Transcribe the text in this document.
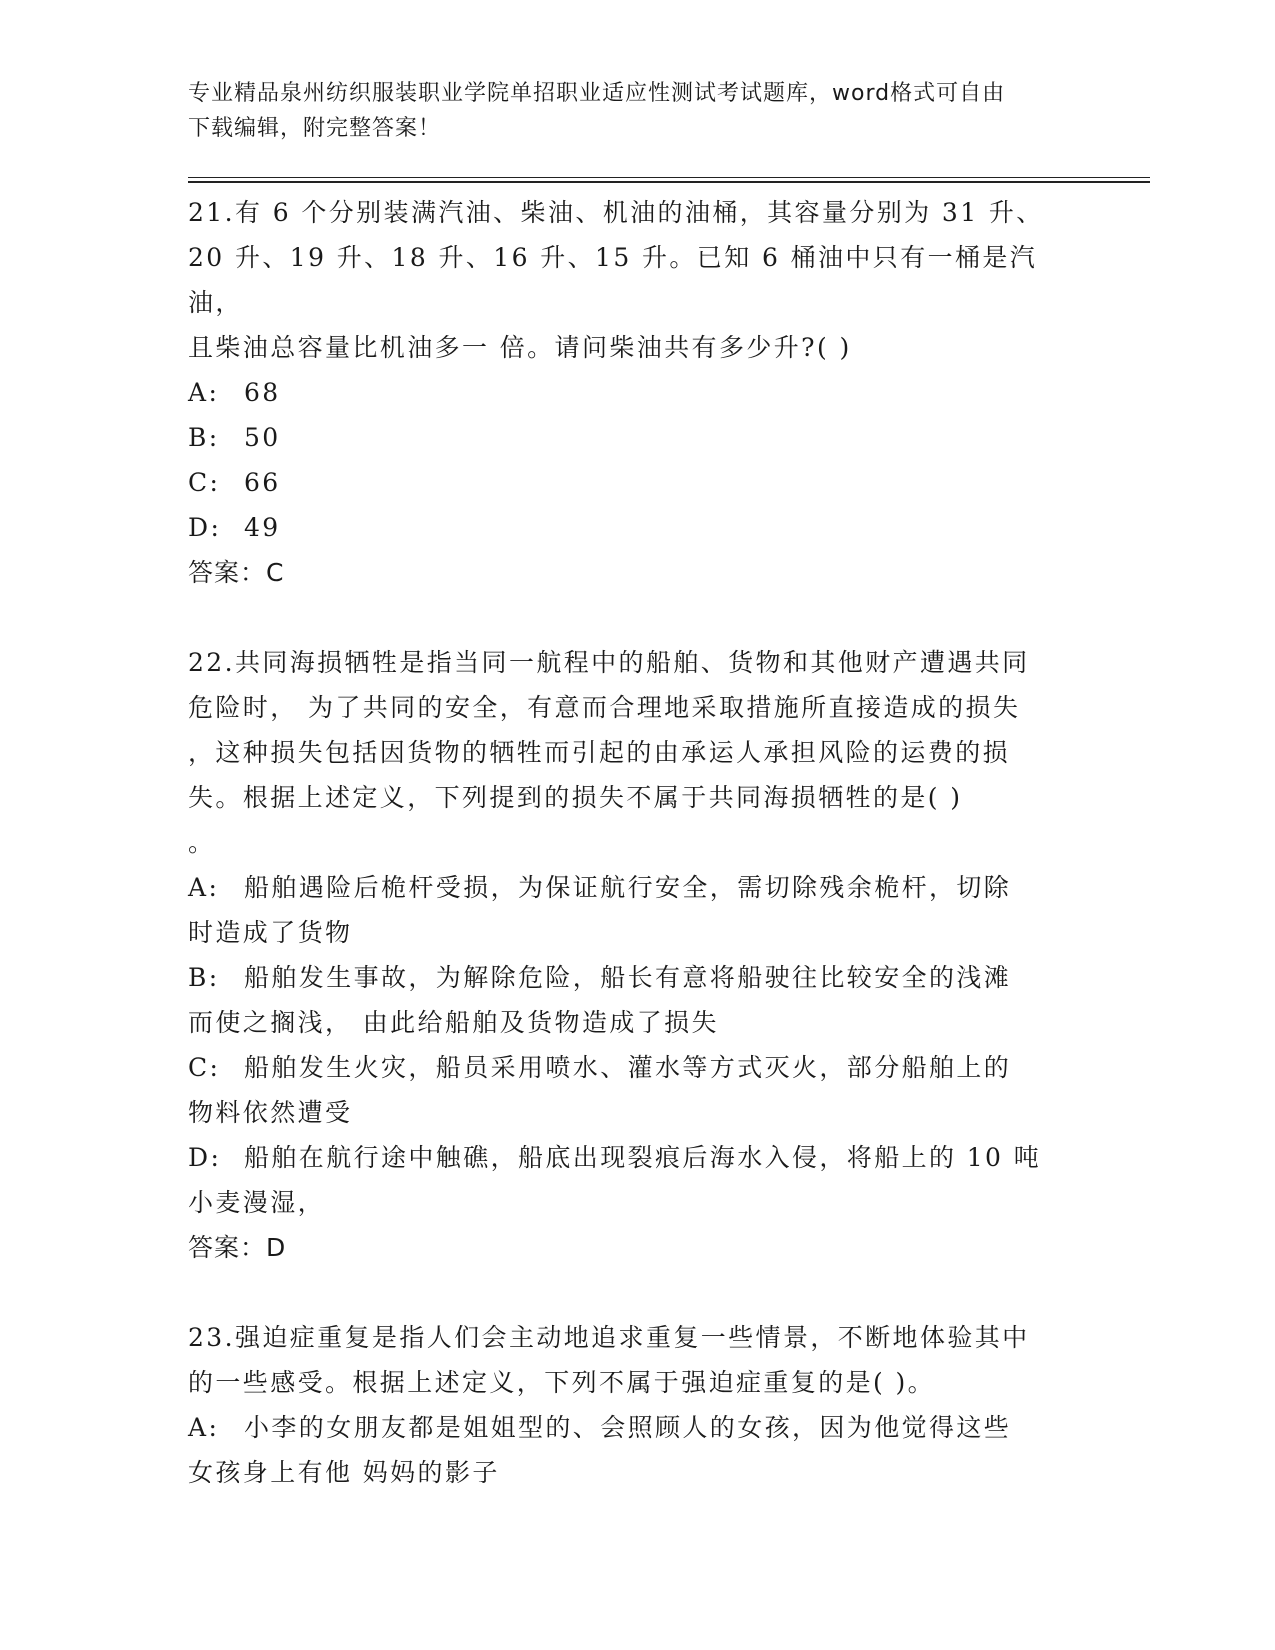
专业精品泉州纺织服装职业学院单招职业适应性测试考试题库，word格式可自由
下载编辑，附完整答案！

21.有 6 个分别装满汽油、柴油、机油的油桶，其容量分别为 31 升、

20 升、19 升、18 升、16 升、15 升。已知 6 桶油中只有一桶是汽油，

且柴油总容量比机油多一 倍。请问柴油共有多少升?( )

A: 68
B: 50
C: 66
D: 49

答案：C

22.共同海损牺牲是指当同一航程中的船舶、货物和其他财产遭遇共同

危险时， 为了共同的安全，有意而合理地采取措施所直接造成的损失

，这种损失包括因货物的牺牲而引起的由承运人承担风险的运费的损

失。根据上述定义，下列提到的损失不属于共同海损牺牲的是( )

。

A: 船舶遇险后桅杆受损，为保证航行安全，需切除残余桅杆，切除

时造成了货物

B: 船舶发生事故，为解除危险，船长有意将船驶往比较安全的浅滩

而使之搁浅， 由此给船舶及货物造成了损失

C: 船舶发生火灾，船员采用喷水、灌水等方式灭火，部分船舶上的

物料依然遭受

D: 船舶在航行途中触礁，船底出现裂痕后海水入侵，将船上的 10 吨

小麦漫湿，

答案：D

23.强迫症重复是指人们会主动地追求重复一些情景，不断地体验其中

的一些感受。根据上述定义，下列不属于强迫症重复的是( )。

A: 小李的女朋友都是姐姐型的、会照顾人的女孩，因为他觉得这些

女孩身上有他 妈妈的影子
